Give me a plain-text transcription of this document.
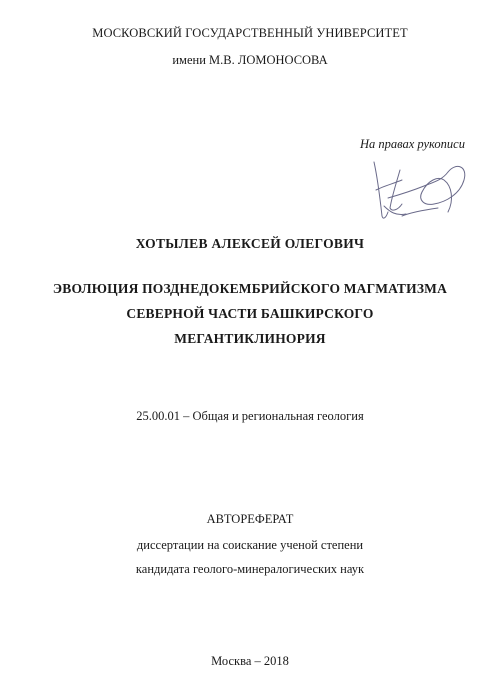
МОСКОВСКИЙ ГОСУДАРСТВЕННЫЙ УНИВЕРСИТЕТ
имени М.В. ЛОМОНОСОВА
На правах рукописи
ХОТЫЛЕВ АЛЕКСЕЙ ОЛЕГОВИЧ
ЭВОЛЮЦИЯ ПОЗДНЕДОКЕМБРИЙСКОГО МАГМАТИЗМА
СЕВЕРНОЙ ЧАСТИ БАШКИРСКОГО
МЕГАНТИКЛИНОРИЯ
25.00.01 – Общая и региональная геология
АВТОРЕФЕРАТ
диссертации на соискание ученой степени
кандидата геолого-минералогических наук
Москва – 2018
